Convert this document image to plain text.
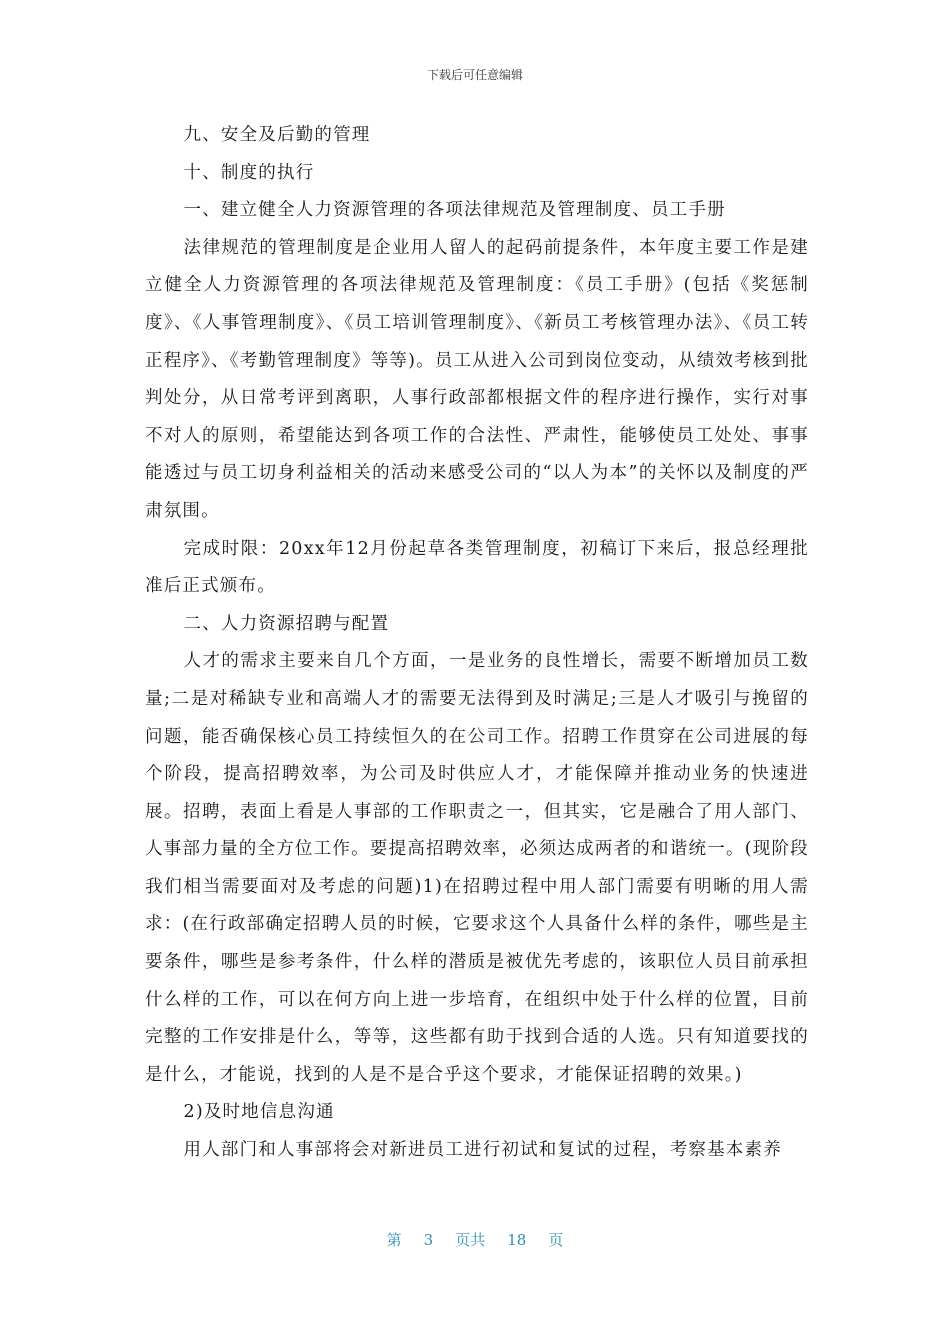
下载后可任意编辑

九、安全及后勤的管理

十、制度的执行

一、建立健全人力资源管理的各项法律规范及管理制度、员工手册

法律规范的管理制度是企业用人留人的起码前提条件，本年度主要工作是建立健全人力资源管理的各项法律规范及管理制度：《员工手册》(包括《奖惩制度》、《人事管理制度》、《员工培训管理制度》、《新员工考核管理办法》、《员工转正程序》、《考勤管理制度》等等)。员工从进入公司到岗位变动，从绩效考核到批判处分，从日常考评到离职，人事行政部都根据文件的程序进行操作，实行对事不对人的原则，希望能达到各项工作的合法性、严肃性，能够使员工处处、事事能透过与员工切身利益相关的活动来感受公司的“以人为本”的关怀以及制度的严肃氛围。

完成时限：20xx年12月份起草各类管理制度，初稿订下来后，报总经理批准后正式颁布。

二、人力资源招聘与配置

人才的需求主要来自几个方面，一是业务的良性增长，需要不断增加员工数量;二是对稀缺专业和高端人才的需要无法得到及时满足;三是人才吸引与挽留的问题，能否确保核心员工持续恒久的在公司工作。招聘工作贯穿在公司进展的每个阶段，提高招聘效率，为公司及时供应人才，才能保障并推动业务的快速进展。招聘，表面上看是人事部的工作职责之一，但其实，它是融合了用人部门、人事部力量的全方位工作。要提高招聘效率，必须达成两者的和谐统一。(现阶段我们相当需要面对及考虑的问题)1)在招聘过程中用人部门需要有明晰的用人需求：(在行政部确定招聘人员的时候，它要求这个人具备什么样的条件，哪些是主要条件，哪些是参考条件，什么样的潜质是被优先考虑的，该职位人员目前承担什么样的工作，可以在何方向上进一步培育，在组织中处于什么样的位置，目前完整的工作安排是什么，等等，这些都有助于找到合适的人选。只有知道要找的是什么，才能说，找到的人是不是合乎这个要求，才能保证招聘的效果。)

2)及时地信息沟通

用人部门和人事部将会对新进员工进行初试和复试的过程，考察基本素养

第 3 页共 18 页
